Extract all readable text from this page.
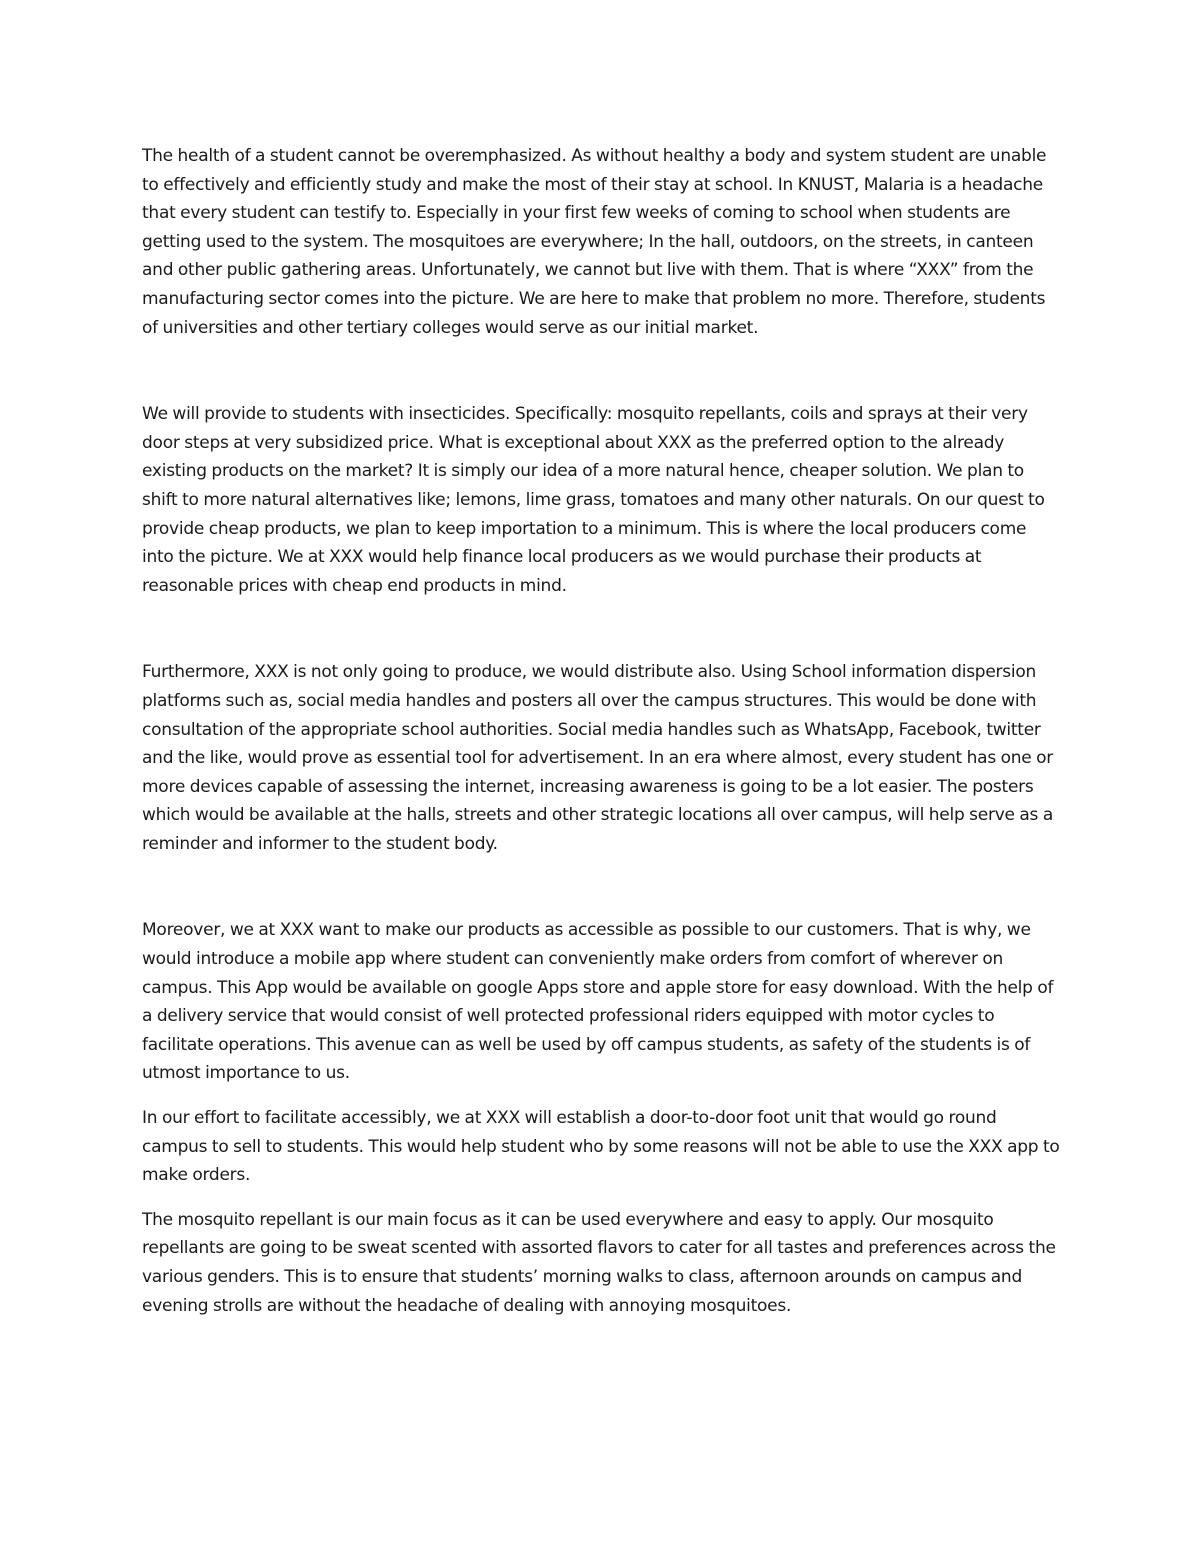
The health of a student cannot be overemphasized. As without healthy a body and system student are unable to effectively and efficiently study and make the most of their stay at school. In KNUST, Malaria is a headache that every student can testify to. Especially in your first few weeks of coming to school when students are getting used to the system. The mosquitoes are everywhere; In the hall, outdoors, on the streets, in canteen and other public gathering areas. Unfortunately, we cannot but live with them. That is where “XXX” from the manufacturing sector comes into the picture. We are here to make that problem no more. Therefore, students of universities and other tertiary colleges would serve as our initial market.

We will provide to students with insecticides. Specifically: mosquito repellants, coils and sprays at their very door steps at very subsidized price. What is exceptional about XXX as the preferred option to the already existing products on the market? It is simply our idea of a more natural hence, cheaper solution. We plan to shift to more natural alternatives like; lemons, lime grass, tomatoes and many other naturals. On our quest to provide cheap products, we plan to keep importation to a minimum. This is where the local producers come into the picture. We at XXX would help finance local producers as we would purchase their products at reasonable prices with cheap end products in mind.

Furthermore, XXX is not only going to produce, we would distribute also. Using School information dispersion platforms such as, social media handles and posters all over the campus structures. This would be done with consultation of the appropriate school authorities. Social media handles such as WhatsApp, Facebook, twitter and the like, would prove as essential tool for advertisement. In an era where almost, every student has one or more devices capable of assessing the internet, increasing awareness is going to be a lot easier. The posters which would be available at the halls, streets and other strategic locations all over campus, will help serve as a reminder and informer to the student body.

Moreover, we at XXX want to make our products as accessible as possible to our customers. That is why, we would introduce a mobile app where student can conveniently make orders from comfort of wherever on campus. This App would be available on google Apps store and apple store for easy download. With the help of a delivery service that would consist of well protected professional riders equipped with motor cycles to facilitate operations. This avenue can as well be used by off campus students, as safety of the students is of utmost importance to us.

In our effort to facilitate accessibly, we at XXX will establish a door-to-door foot unit that would go round campus to sell to students. This would help student who by some reasons will not be able to use the XXX app to make orders.

The mosquito repellant is our main focus as it can be used everywhere and easy to apply. Our mosquito repellants are going to be sweat scented with assorted flavors to cater for all tastes and preferences across the various genders. This is to ensure that students’ morning walks to class, afternoon arounds on campus and evening strolls are without the headache of dealing with annoying mosquitoes.
